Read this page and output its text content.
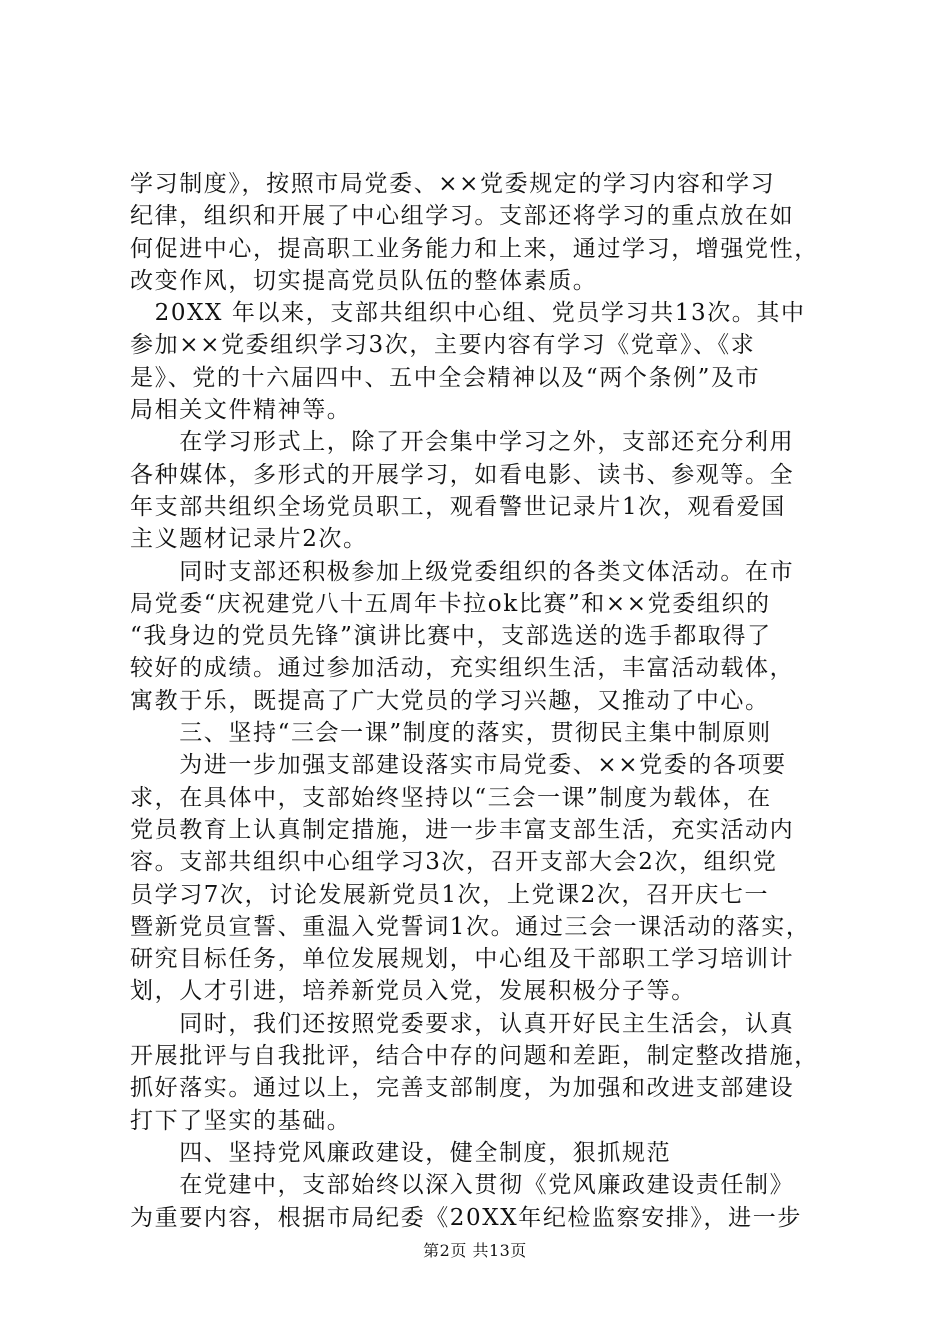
学习制度》，按照市局党委、××党委规定的学习内容和学习
纪律，组织和开展了中心组学习。支部还将学习的重点放在如
何促进中心，提高职工业务能力和上来，通过学习，增强党性，
改变作风，切实提高党员队伍的整体素质。
　20XX 年以来，支部共组织中心组、党员学习共13次。其中
参加××党委组织学习3次，主要内容有学习《党章》、《求
是》、党的十六届四中、五中全会精神以及“两个条例”及市
局相关文件精神等。
　　在学习形式上，除了开会集中学习之外，支部还充分利用
各种媒体，多形式的开展学习，如看电影、读书、参观等。全
年支部共组织全场党员职工，观看警世记录片1次，观看爱国
主义题材记录片2次。
　　同时支部还积极参加上级党委组织的各类文体活动。在市
局党委“庆祝建党八十五周年卡拉ok比赛”和××党委组织的
“我身边的党员先锋”演讲比赛中，支部选送的选手都取得了
较好的成绩。通过参加活动，充实组织生活，丰富活动载体，
寓教于乐，既提高了广大党员的学习兴趣，又推动了中心。
　　三、坚持“三会一课”制度的落实，贯彻民主集中制原则
　　为进一步加强支部建设落实市局党委、××党委的各项要
求，在具体中，支部始终坚持以“三会一课”制度为载体，在
党员教育上认真制定措施，进一步丰富支部生活，充实活动内
容。支部共组织中心组学习3次，召开支部大会2次，组织党
员学习7次，讨论发展新党员1次，上党课2次，召开庆七一
暨新党员宣誓、重温入党誓词1次。通过三会一课活动的落实，
研究目标任务，单位发展规划，中心组及干部职工学习培训计
划，人才引进，培养新党员入党，发展积极分子等。
　　同时，我们还按照党委要求，认真开好民主生活会，认真
开展批评与自我批评，结合中存的问题和差距，制定整改措施，
抓好落实。通过以上，完善支部制度，为加强和改进支部建设
打下了坚实的基础。
　　四、坚持党风廉政建设，健全制度，狠抓规范
　　在党建中，支部始终以深入贯彻《党风廉政建设责任制》
为重要内容，根据市局纪委《20XX年纪检监察安排》，进一步
第2页 共13页
